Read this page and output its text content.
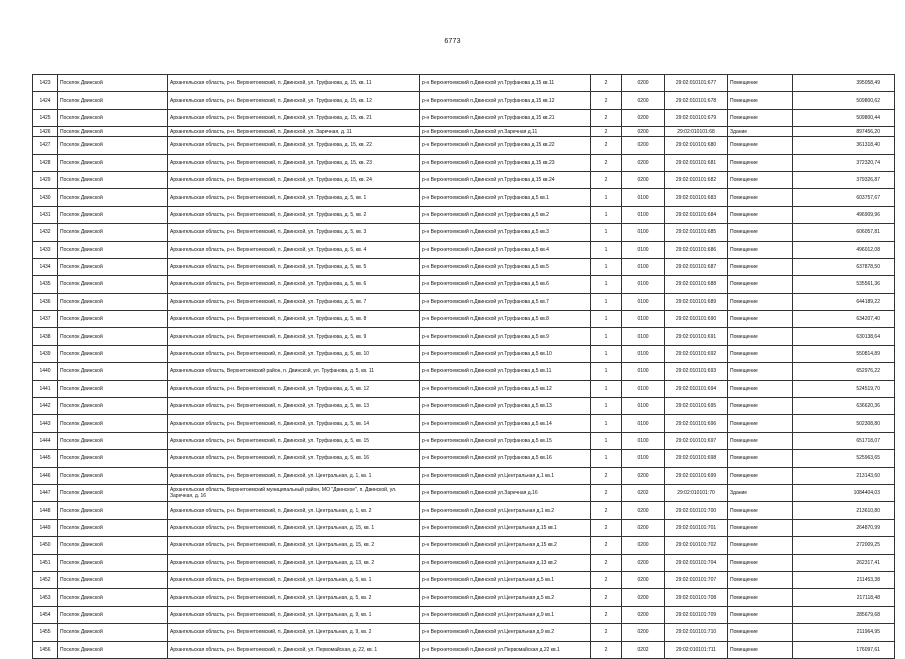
6773
1423	Поселок Двинской	Архангельская область, р-н. Верхнетоемский, п. Двинской, ул. Труфанова, д. 15, кв. 11	р-н Верхнетоемский п.Двинской ул.Труфанова д.15 кв.11	2	0200	29:02:010101:677	Помещение	395058,49
1424	Поселок Двинской	Архангельская область, р-н. Верхнетоемский, п. Двинской, ул. Труфанова, д. 15, кв. 12	р-н Верхнетоемский п.Двинской ул.Труфанова д.15 кв.12	2	0200	29:02:010101:678	Помещение	509800,62
1425	Поселок Двинской	Архангельская область, р-н. Верхнетоемский, п. Двинской, ул. Труфанова, д. 15, кв. 21	р-н Верхнетоемский п.Двинской ул.Труфанова д.15 кв.21	2	0200	29:02:010101:679	Помещение	509800,44
1426	Поселок Двинской	Архангельская область, р-н. Верхнетоемский, п. Двинской, ул. Заречная, д. 11	р-н Верхнетоемский п.Двинской ул.Заречная д.11	2	0200	29:02:010101:68	Здание	897456,20
1427	Поселок Двинской	Архангельская область, р-н. Верхнетоемский, п. Двинской, ул. Труфанова, д. 15, кв. 22	р-н Верхнетоемский п.Двинской ул.Труфанова д.15 кв.22	2	0200	29:02:010101:680	Помещение	361318,40
1428	Поселок Двинской	Архангельская область, р-н. Верхнетоемский, п. Двинской, ул. Труфанова, д. 15, кв. 23	р-н Верхнетоемский п.Двинской ул.Труфанова д.15 кв.23	2	0200	29:02:010101:681	Помещение	372320,74
1429	Поселок Двинской	Архангельская область, р-н. Верхнетоемский, п. Двинской, ул. Труфанова, д. 15, кв. 24	р-н Верхнетоемский п.Двинской ул.Труфанова д.15 кв.24	2	0200	29:02:010101:682	Помещение	379326,87
1430	Поселок Двинской	Архангельская область, р-н. Верхнетоемский, п. Двинской, ул. Труфанова, д. 5, кв. 1	р-н Верхнетоемский п.Двинской ул.Труфанова д.5 кв.1	1	0100	29:02:010101:683	Помещение	603757,67
1431	Поселок Двинской	Архангельская область, р-н. Верхнетоемский, п. Двинской, ул. Труфанова, д. 5, кв. 2	р-н Верхнетоемский п.Двинской ул.Труфанова д.5 кв.2	1	0100	29:02:010101:684	Помещение	496909,96
1432	Поселок Двинской	Архангельская область, р-н. Верхнетоемский, п. Двинской, ул. Труфанова, д. 5, кв. 3	р-н Верхнетоемский п.Двинской ул.Труфанова д.5 кв.3	1	0100	29:02:010101:685	Помещение	606057,81
1433	Поселок Двинской	Архангельская область, р-н. Верхнетоемский, п. Двинской, ул. Труфанова, д. 5, кв. 4	р-н Верхнетоемский п.Двинской ул.Труфанова д.5 кв.4	1	0100	29:02:010101:686	Помещение	496012,08
1434	Поселок Двинской	Архангельская область, р-н. Верхнетоемский, п. Двинской, ул. Труфанова, д. 5, кв. 5	р-н Верхнетоемский п.Двинской ул.Труфанова д.5 кв.5	1	0100	29:02:010101:687	Помещение	637878,50
1435	Поселок Двинской	Архангельская область, р-н. Верхнетоемский, п. Двинской, ул. Труфанова, д. 5, кв. 6	р-н Верхнетоемский п.Двинской ул.Труфанова д.5 кв.6	1	0100	29:02:010101:688	Помещение	535561,36
1436	Поселок Двинской	Архангельская область, р-н. Верхнетоемский, п. Двинской, ул. Труфанова, д. 5, кв. 7	р-н Верхнетоемский п.Двинской ул.Труфанова д.5 кв.7	1	0100	29:02:010101:689	Помещение	644189,22
1437	Поселок Двинской	Архангельская область, р-н. Верхнетоемский, п. Двинской, ул. Труфанова, д. 5, кв. 8	р-н Верхнетоемский п.Двинской ул.Труфанова д.5 кв.8	1	0100	29:02:010101:690	Помещение	634207,40
1438	Поселок Двинской	Архангельская область, р-н. Верхнетоемский, п. Двинской, ул. Труфанова, д. 5, кв. 9	р-н Верхнетоемский п.Двинской ул.Труфанова д.5 кв.9	1	0100	29:02:010101:691	Помещение	630138,64
1439	Поселок Двинской	Архангельская область, р-н. Верхнетоемский, п. Двинской, ул. Труфанова, д. 5, кв. 10	р-н Верхнетоемский п.Двинской ул.Труфанова д.5 кв.10	1	0100	29:02:010101:692	Помещение	550814,89
1440	Поселок Двинской	Архангельская область, Верхнетоемский район, п. Двинской, ул. Труфанова, д. 5, кв. 11	р-н Верхнетоемский п.Двинской ул.Труфанова д.5 кв.11	1	0100	29:02:010101:693	Помещение	652976,22
1441	Поселок Двинской	Архангельская область, р-н. Верхнетоемский, п. Двинской, ул. Труфанова, д. 5, кв. 12	р-н Верхнетоемский п.Двинской ул.Труфанова д.5 кв.12	1	0100	29:02:010101:694	Помещение	524519,70
1442	Поселок Двинской	Архангельская область, р-н. Верхнетоемский, п. Двинской, ул. Труфанова, д. 5, кв. 13	р-н Верхнетоемский п.Двинской ул.Труфанова д.5 кв.13	1	0100	29:02:010101:695	Помещение	636620,36
1443	Поселок Двинской	Архангельская область, р-н. Верхнетоемский, п. Двинской, ул. Труфанова, д. 5, кв. 14	р-н Верхнетоемский п.Двинской ул.Труфанова д.5 кв.14	1	0100	29:02:010101:696	Помещение	502308,80
1444	Поселок Двинской	Архангельская область, р-н. Верхнетоемский, п. Двинской, ул. Труфанова, д. 5, кв. 15	р-н Верхнетоемский п.Двинской ул.Труфанова д.5 кв.15	1	0100	29:02:010101:697	Помещение	651718,07
1445	Поселок Двинской	Архангельская область, р-н. Верхнетоемский, п. Двинской, ул. Труфанова, д. 5, кв. 16	р-н Верхнетоемский п.Двинской ул.Труфанова д.5 кв.16	1	0100	29:02:010101:698	Помещение	525963,65
1446	Поселок Двинской	Архангельская область, р-н. Верхнетоемский, п. Двинской, ул. Центральная, д. 1, кв. 1	р-н Верхнетоемский п.Двинской ул.Центральная д.1 кв.1	2	0200	29:02:010101:699	Помещение	213143,60
1447	Поселок Двинской	Архангельская область, Верхнетоемский муниципальный район, МО "Двинское", п. Двинской, ул. Заречная, д. 16	р-н Верхнетоемский п.Двинской ул.Заречная д.16	2	0202	29:02:010101:70	Здание	1084404,03
1448	Поселок Двинской	Архангельская область, р-н. Верхнетоемский, п. Двинской, ул. Центральная, д. 1, кв. 2	р-н Верхнетоемский п.Двинской ул.Центральная д.1 кв.2	2	0200	29:02:010101:700	Помещение	213610,80
1449	Поселок Двинской	Архангельская область, р-н. Верхнетоемский, п. Двинской, ул. Центральная, д. 15, кв. 1	р-н Верхнетоемский п.Двинской ул.Центральная д.15 кв.1	2	0200	29:02:010101:701	Помещение	264870,99
1450	Поселок Двинской	Архангельская область, р-н. Верхнетоемский, п. Двинской, ул. Центральная, д. 15, кв. 2	р-н Верхнетоемский п.Двинской ул.Центральная д.15 кв.2	2	0200	29:02:010101:702	Помещение	272009,25
1451	Поселок Двинской	Архангельская область, р-н. Верхнетоемский, п. Двинской, ул. Центральная, д. 13, кв. 2	р-н Верхнетоемский п.Двинской ул.Центральная д.13 кв.2	2	0200	29:02:010101:704	Помещение	262317,41
1452	Поселок Двинской	Архангельская область, р-н. Верхнетоемский, п. Двинской, ул. Центральная, д. 5, кв. 1	р-н Верхнетоемский п.Двинской ул.Центральная д.5 кв.1	2	0200	29:02:010101:707	Помещение	211453,38
1453	Поселок Двинской	Архангельская область, р-н. Верхнетоемский, п. Двинской, ул. Центральная, д. 5, кв. 2	р-н Верхнетоемский п.Двинской ул.Центральная д.5 кв.2	2	0200	29:02:010101:708	Помещение	217118,48
1454	Поселок Двинской	Архангельская область, р-н. Верхнетоемский, п. Двинской, ул. Центральная, д. 9, кв. 1	р-н Верхнетоемский п.Двинской ул.Центральная д.9 кв.1	2	0200	29:02:010101:709	Помещение	285679,68
1455	Поселок Двинской	Архангельская область, р-н. Верхнетоемский, п. Двинской, ул. Центральная, д. 9, кв. 2	р-н Верхнетоемский п.Двинской ул.Центральная д.9 кв.2	2	0200	29:02:010101:710	Помещение	211964,95
1456	Поселок Двинской	Архангельская область, р-н. Верхнетоемский, п. Двинской, ул. Первомайская, д. 22, кв. 1	р-н Верхнетоемский п.Двинской ул.Первомайская д.22 кв.1	2	0202	29:02:010101:711	Помещение	176097,61
